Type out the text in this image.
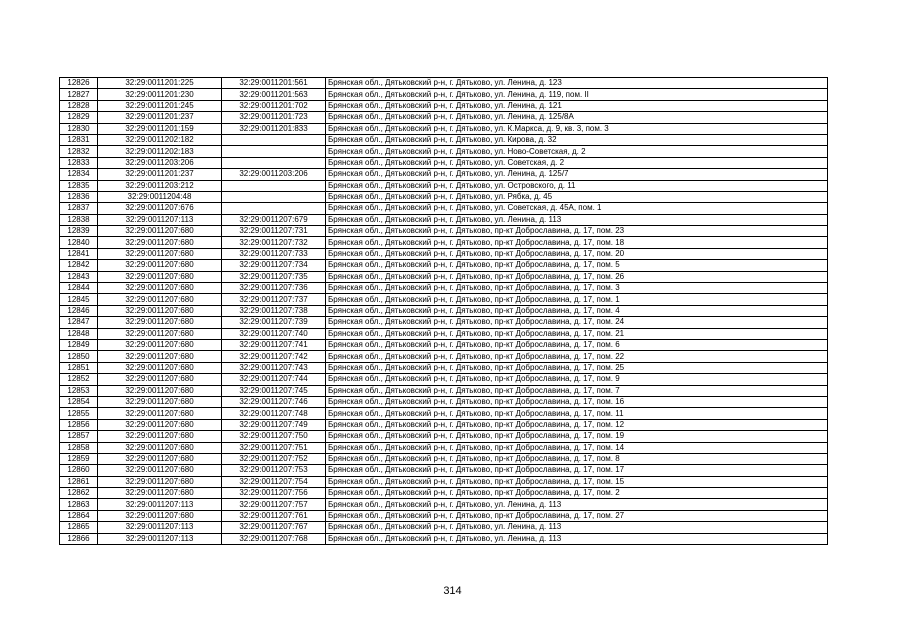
12826	32:29:0011201:225	32:29:0011201:561	Брянская обл., Дятьковский р-н, г. Дятьково, ул. Ленина, д. 123
12827	32:29:0011201:230	32:29:0011201:563	Брянская обл., Дятьковский р-н, г. Дятьково, ул. Ленина, д. 119, пом. II
12828	32:29:0011201:245	32:29:0011201:702	Брянская обл., Дятьковский р-н, г. Дятьково, ул. Ленина, д. 121
12829	32:29:0011201:237	32:29:0011201:723	Брянская обл., Дятьковский р-н, г. Дятьково, ул. Ленина, д. 125/8А
12830	32:29:0011201:159	32:29:0011201:833	Брянская обл., Дятьковский р-н, г. Дятьково, ул. К.Маркса, д. 9, кв. 3, пом. 3
12831	32:29:0011202:182		Брянская обл., Дятьковский р-н, г. Дятьково, ул. Кирова, д. 32
12832	32:29:0011202:183		Брянская обл., Дятьковский р-н, г. Дятьково, ул. Ново-Советская, д. 2
12833	32:29:0011203:206		Брянская обл., Дятьковский р-н, г. Дятьково, ул. Советская, д. 2
12834	32:29:0011201:237	32:29:0011203:206	Брянская обл., Дятьковский р-н, г. Дятьково, ул. Ленина, д. 125/7
12835	32:29:0011203:212		Брянская обл., Дятьковский р-н, г. Дятьково, ул. Островского, д. 11
12836	32:29:0011204:48		Брянская обл., Дятьковский р-н, г. Дятьково, ул. Рябка, д. 45
12837	32:29:0011207:676		Брянская обл., Дятьковский р-н, г. Дятьково, ул. Советская, д. 45А, пом. 1
12838	32:29:0011207:113	32:29:0011207:679	Брянская обл., Дятьковский р-н, г. Дятьково, ул. Ленина, д. 113
12839	32:29:0011207:680	32:29:0011207:731	Брянская обл., Дятьковский р-н, г. Дятьково, пр-кт Доброславина, д. 17, пом. 23
12840	32:29:0011207:680	32:29:0011207:732	Брянская обл., Дятьковский р-н, г. Дятьково, пр-кт Доброславина, д. 17, пом. 18
12841	32:29:0011207:680	32:29:0011207:733	Брянская обл., Дятьковский р-н, г. Дятьково, пр-кт Доброславина, д. 17, пом. 20
12842	32:29:0011207:680	32:29:0011207:734	Брянская обл., Дятьковский р-н, г. Дятьково, пр-кт Доброславина, д. 17, пом. 5
12843	32:29:0011207:680	32:29:0011207:735	Брянская обл., Дятьковский р-н, г. Дятьково, пр-кт Доброславина, д. 17, пом. 26
12844	32:29:0011207:680	32:29:0011207:736	Брянская обл., Дятьковский р-н, г. Дятьково, пр-кт Доброславина, д. 17, пом. 3
12845	32:29:0011207:680	32:29:0011207:737	Брянская обл., Дятьковский р-н, г. Дятьково, пр-кт Доброславина, д. 17, пом. 1
12846	32:29:0011207:680	32:29:0011207:738	Брянская обл., Дятьковский р-н, г. Дятьково, пр-кт Доброславина, д. 17, пом. 4
12847	32:29:0011207:680	32:29:0011207:739	Брянская обл., Дятьковский р-н, г. Дятьково, пр-кт Доброславина, д. 17, пом. 24
12848	32:29:0011207:680	32:29:0011207:740	Брянская обл., Дятьковский р-н, г. Дятьково, пр-кт Доброславина, д. 17, пом. 21
12849	32:29:0011207:680	32:29:0011207:741	Брянская обл., Дятьковский р-н, г. Дятьково, пр-кт Доброславина, д. 17, пом. 6
12850	32:29:0011207:680	32:29:0011207:742	Брянская обл., Дятьковский р-н, г. Дятьково, пр-кт Доброславина, д. 17, пом. 22
12851	32:29:0011207:680	32:29:0011207:743	Брянская обл., Дятьковский р-н, г. Дятьково, пр-кт Доброславина, д. 17, пом. 25
12852	32:29:0011207:680	32:29:0011207:744	Брянская обл., Дятьковский р-н, г. Дятьково, пр-кт Доброславина, д. 17, пом. 9
12853	32:29:0011207:680	32:29:0011207:745	Брянская обл., Дятьковский р-н, г. Дятьково, пр-кт Доброславина, д. 17, пом. 7
12854	32:29:0011207:680	32:29:0011207:746	Брянская обл., Дятьковский р-н, г. Дятьково, пр-кт Доброславина, д. 17, пом. 16
12855	32:29:0011207:680	32:29:0011207:748	Брянская обл., Дятьковский р-н, г. Дятьково, пр-кт Доброславина, д. 17, пом. 11
12856	32:29:0011207:680	32:29:0011207:749	Брянская обл., Дятьковский р-н, г. Дятьково, пр-кт Доброславина, д. 17, пом. 12
12857	32:29:0011207:680	32:29:0011207:750	Брянская обл., Дятьковский р-н, г. Дятьково, пр-кт Доброславина, д. 17, пом. 19
12858	32:29:0011207:680	32:29:0011207:751	Брянская обл., Дятьковский р-н, г. Дятьково, пр-кт Доброславина, д. 17, пом. 14
12859	32:29:0011207:680	32:29:0011207:752	Брянская обл., Дятьковский р-н, г. Дятьково, пр-кт Доброславина, д. 17, пом. 8
12860	32:29:0011207:680	32:29:0011207:753	Брянская обл., Дятьковский р-н, г. Дятьково, пр-кт Доброславина, д. 17, пом. 17
12861	32:29:0011207:680	32:29:0011207:754	Брянская обл., Дятьковский р-н, г. Дятьково, пр-кт Доброславина, д. 17, пом. 15
12862	32:29:0011207:680	32:29:0011207:756	Брянская обл., Дятьковский р-н, г. Дятьково, пр-кт Доброславина, д. 17, пом. 2
12863	32:29:0011207:113	32:29:0011207:757	Брянская обл., Дятьковский р-н, г. Дятьково, ул. Ленина, д. 113
12864	32:29:0011207:680	32:29:0011207:761	Брянская обл., Дятьковский р-н, г. Дятьково, пр-кт Доброславина, д. 17, пом. 27
12865	32:29:0011207:113	32:29:0011207:767	Брянская обл., Дятьковский р-н, г. Дятьково, ул. Ленина, д. 113
12866	32:29:0011207:113	32:29:0011207:768	Брянская обл., Дятьковский р-н, г. Дятьково, ул. Ленина, д. 113
314
